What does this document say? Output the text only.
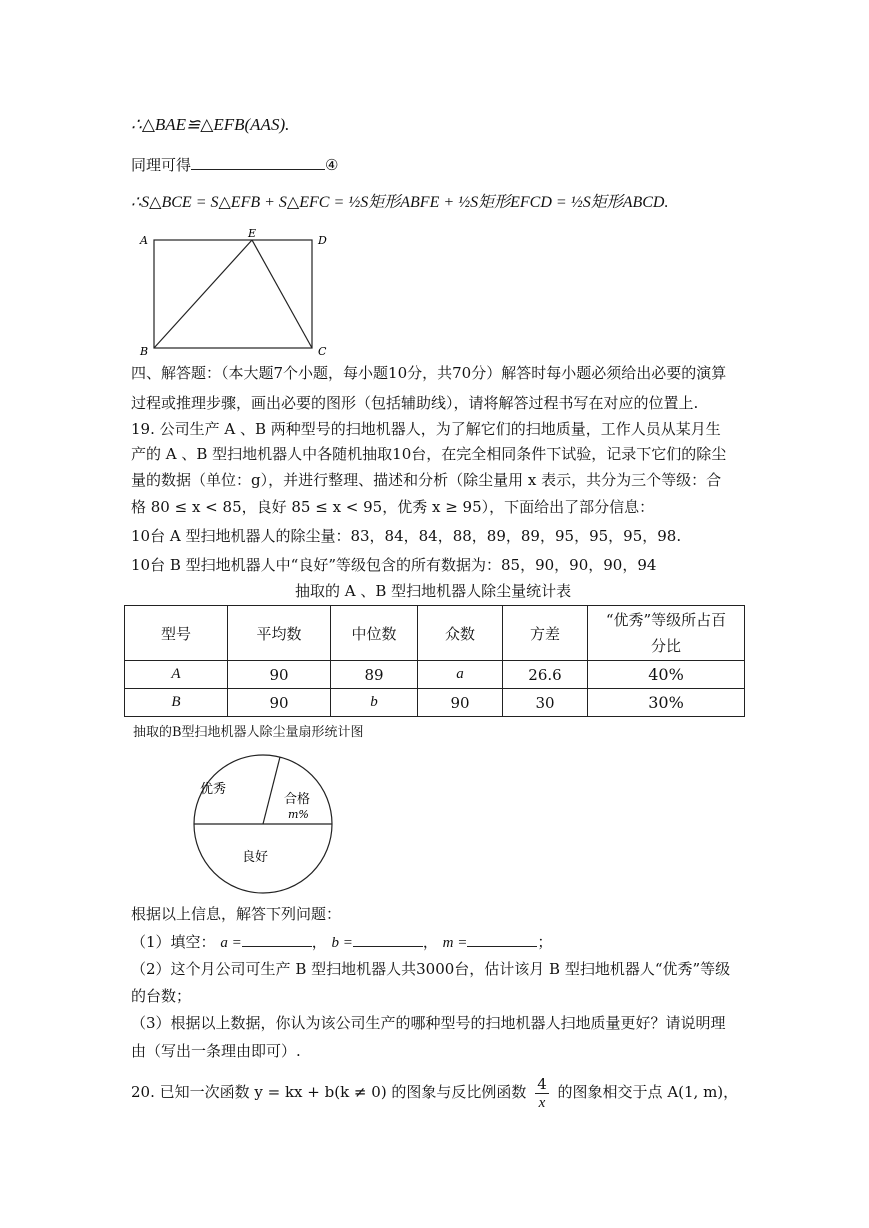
∴△BAE≌△EFB(AAS).
同理可得	④
∴S△BCE = S△EFB + S△EFC = ½S矩形ABFE + ½S矩形EFCD = ½S矩形ABCD.
A
E
D
B	C
四、解答题：（本大题7个小题，每小题10分，共70分）解答时每小题必须给出必要的演算
过程或推理步骤，画出必要的图形（包括辅助线），请将解答过程书写在对应的位置上.
19. 公司生产 A 、B 两种型号的扫地机器人，为了解它们的扫地质量，工作人员从某月生
产的 A 、B 型扫地机器人中各随机抽取10台，在完全相同条件下试验，记录下它们的除尘
量的数据（单位：g），并进行整理、描述和分析（除尘量用 x 表示，共分为三个等级：合
格 80 ≤ x < 85，良好 85 ≤ x < 95，优秀 x ≥ 95），下面给出了部分信息：
10台 A 型扫地机器人的除尘量：83，84，84，88，89，89，95，95，95，98.
10台 B 型扫地机器人中“良好”等级包含的所有数据为：85，90，90，90，94
抽取的 A 、B 型扫地机器人除尘量统计表
型号	平均数	中位数	众数	方差	“优秀”等级所占百
分比

A	90	89	a	26.6	40%
B	90	b	90	30	30%
抽取的B型扫地机器人除尘量扇形统计图
优秀
合格
m%
良好
根据以上信息，解答下列问题：
（1）填空： a =	， b =	， m =	；
（2）这个月公司可生产 B 型扫地机器人共3000台，估计该月 B 型扫地机器人“优秀”等级
的台数；
（3）根据以上数据，你认为该公司生产的哪种型号的扫地机器人扫地质量更好？请说明理
由（写出一条理由即可）.
20. 已知一次函数 y = kx + b(k ≠ 0) 的图象与反比例函数 $\frac{4}{x}$ 的图象相交于点 A(1, m)，
